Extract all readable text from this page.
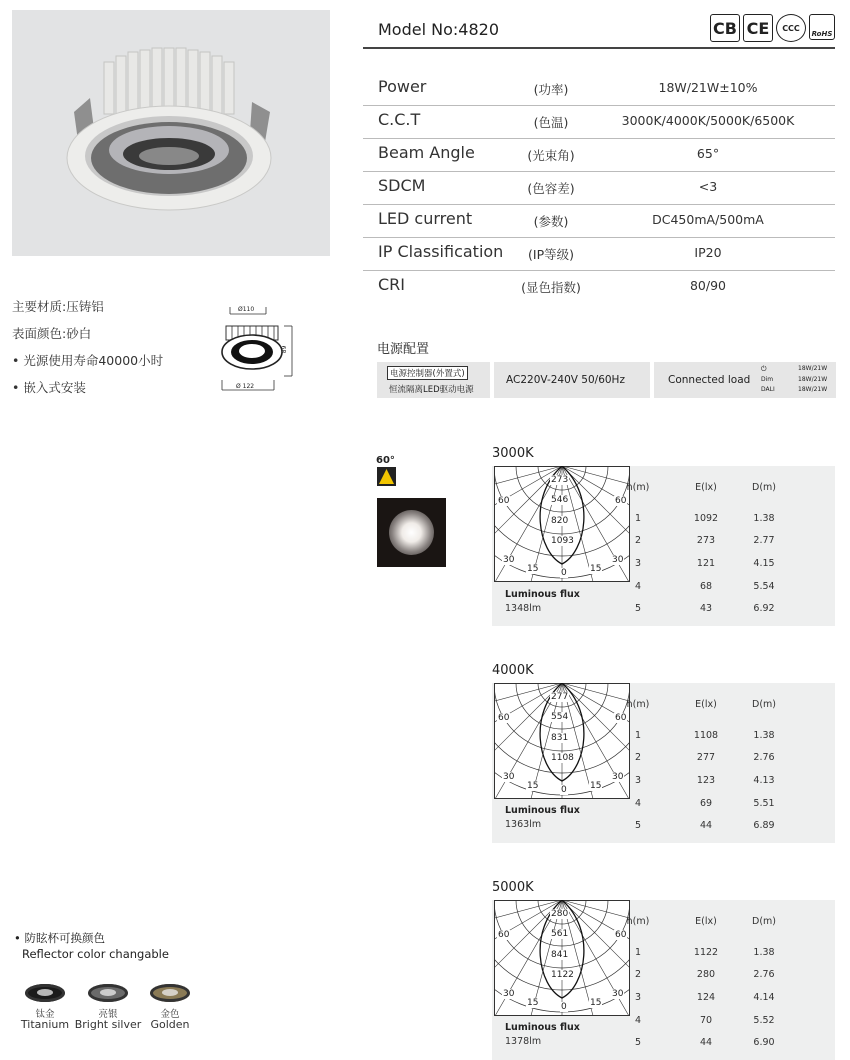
主要材质:压铸铝
表面颜色:砂白
• 光源使用寿命40000小时
• 嵌入式安装
Ø110
68
Ø 122
Model No:4820	CB CE CCC
RoHS
Power	(功率)	18W/21W±10%
C.C.T	(色温)	3000K/4000K/5000K/6500K
Beam Angle	(光束角)	65°
SDCM	(色容差)	<3
LED current	(参数)	DC450mA/500mA
IP Classification	(IP等级)	IP20
CRI	(显色指数)	80/90
电源配置
电源控制器(外置式)
恒流隔离LED驱动电源
AC220V-240V 50/60Hz	Connected load
⏻	18W/21W
Dim	18W/21W
DALI	18W/21W
60°	3000K
273
546
820
1093
60	60
30	30
15	15
0
Luminous flux
1348lm
h(m)	E(lx)	D(m)
1	1092	1.38
2	273	2.77
3	121	4.15
4	68	5.54
5	43	6.92
4000K
277
554
831
1108
60	60
30	30
15	15
0
Luminous flux
1363lm
h(m)	E(lx)	D(m)
1	1108	1.38
2	277	2.76
3	123	4.13
4	69	5.51
5	44	6.89
5000K
280
561
841
1122
60	60
30	30
15	15
0
Luminous flux
1378lm
h(m)	E(lx)	D(m)
1	1122	1.38
2	280	2.76
3	124	4.14
4	70	5.52
5	44	6.90
• 防眩杯可换颜色
Reflector color changable
钛金
Titanium
亮银
Bright silver
金色
Golden
